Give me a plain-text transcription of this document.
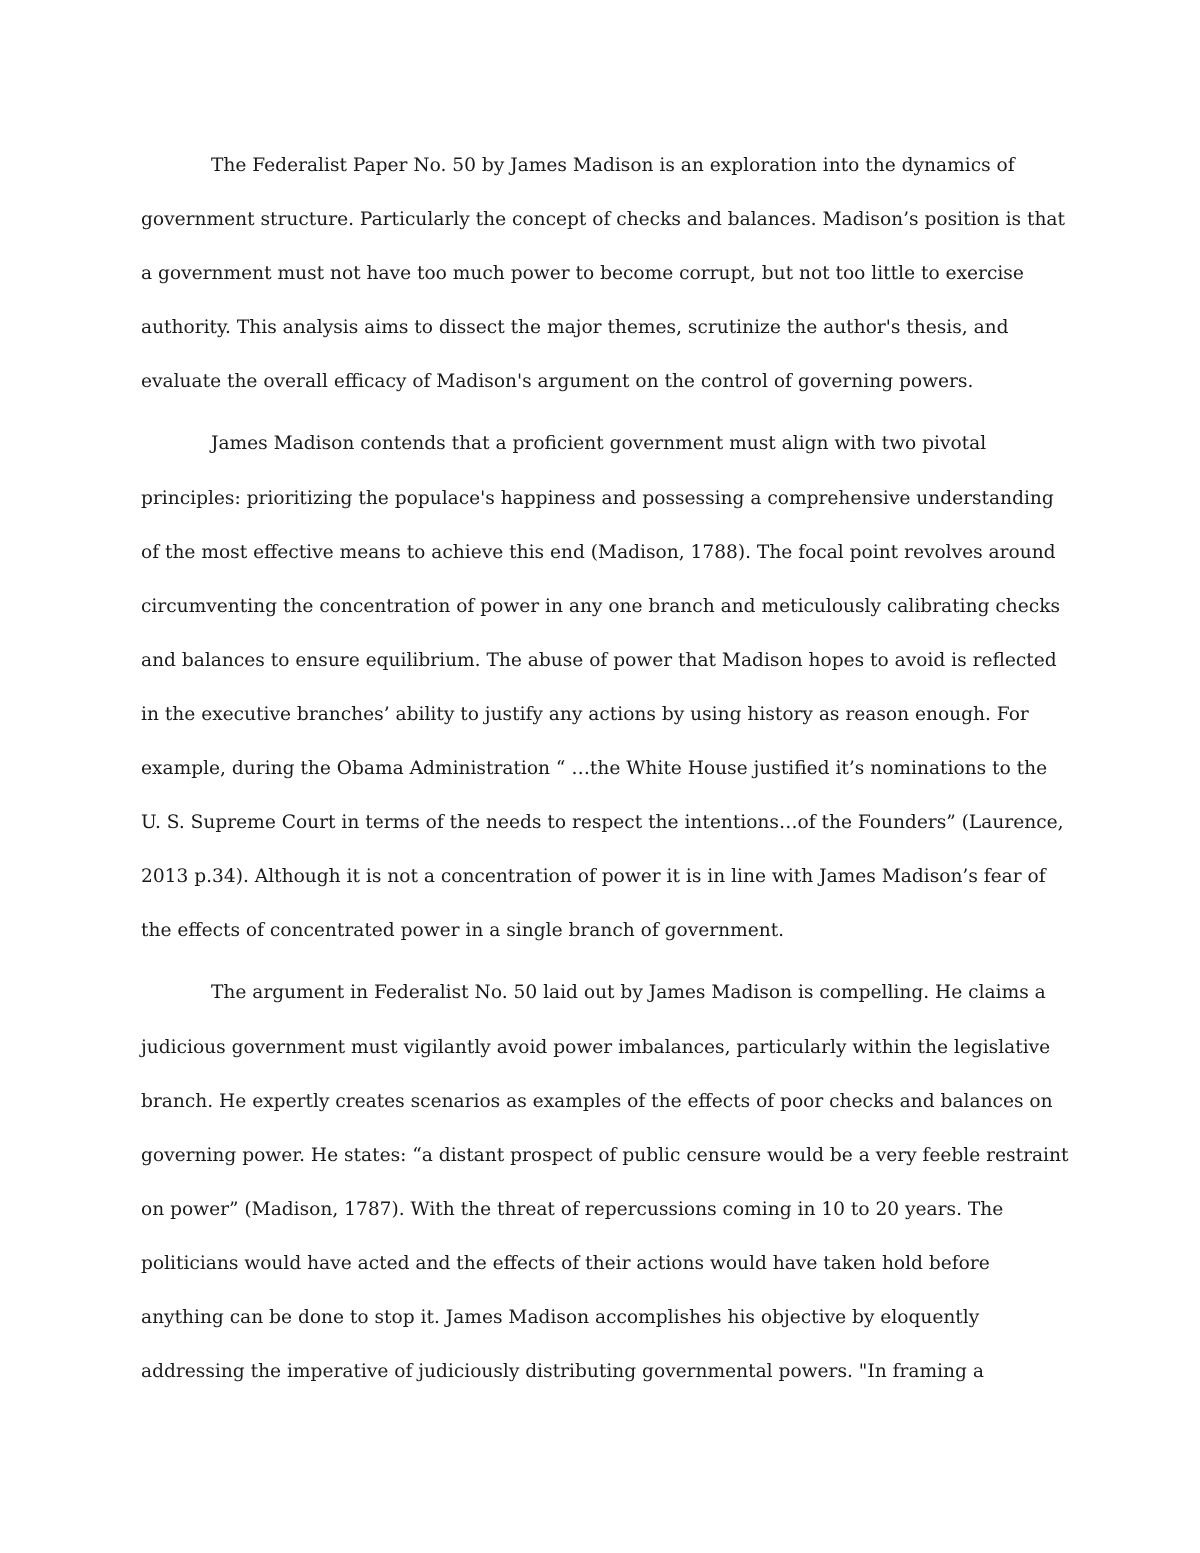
The Federalist Paper No. 50 by James Madison is an exploration into the dynamics of
government structure. Particularly the concept of checks and balances. Madison’s position is that
a government must not have too much power to become corrupt, but not too little to exercise
authority. This analysis aims to dissect the major themes, scrutinize the author's thesis, and
evaluate the overall efficacy of Madison's argument on the control of governing powers.
James Madison contends that a proficient government must align with two pivotal
principles: prioritizing the populace's happiness and possessing a comprehensive understanding
of the most effective means to achieve this end (Madison, 1788). The focal point revolves around
circumventing the concentration of power in any one branch and meticulously calibrating checks
and balances to ensure equilibrium. The abuse of power that Madison hopes to avoid is reflected
in the executive branches’ ability to justify any actions by using history as reason enough. For
example, during the Obama Administration “ …the White House justified it’s nominations to the
U. S. Supreme Court in terms of the needs to respect the intentions…of the Founders” (Laurence,
2013 p.34). Although it is not a concentration of power it is in line with James Madison’s fear of
the effects of concentrated power in a single branch of government.
The argument in Federalist No. 50 laid out by James Madison is compelling. He claims a
judicious government must vigilantly avoid power imbalances, particularly within the legislative
branch. He expertly creates scenarios as examples of the effects of poor checks and balances on
governing power. He states: “a distant prospect of public censure would be a very feeble restraint
on power” (Madison, 1787). With the threat of repercussions coming in 10 to 20 years. The
politicians would have acted and the effects of their actions would have taken hold before
anything can be done to stop it. James Madison accomplishes his objective by eloquently
addressing the imperative of judiciously distributing governmental powers. "In framing a
